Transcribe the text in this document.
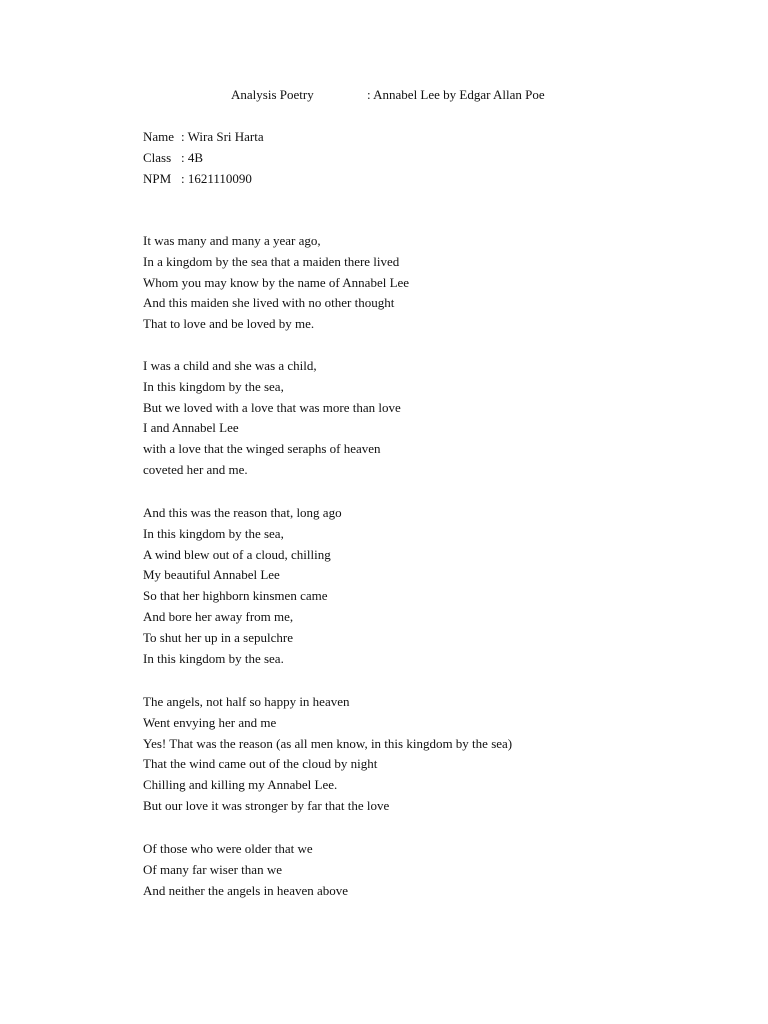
Analysis Poetry	: Annabel Lee by Edgar Allan Poe
Name : Wira Sri Harta
Class : 4B
NPM : 1621110090
It was many and many a year ago,
In a kingdom by the sea that a maiden there lived
Whom you may know by the name of Annabel Lee
And this maiden she lived with no other thought
That to love and be loved by me.
I was a child and she was a child,
In this kingdom by the sea,
But we loved with a love that was more than love
I and Annabel Lee
with a love that the winged seraphs of heaven
coveted her and me.
And this was the reason that, long ago
In this kingdom by the sea,
A wind blew out of a cloud, chilling
My beautiful Annabel Lee
So that her highborn kinsmen came
And bore her away from me,
To shut her up in a sepulchre
In this kingdom by the sea.
The angels, not half so happy in heaven
Went envying her and me
Yes! That was the reason (as all men know, in this kingdom by the sea)
That the wind came out of the cloud by night
Chilling and killing my Annabel Lee.
But our love it was stronger by far that the love
Of those who were older that we
Of many far wiser than we
And neither the angels in heaven above
